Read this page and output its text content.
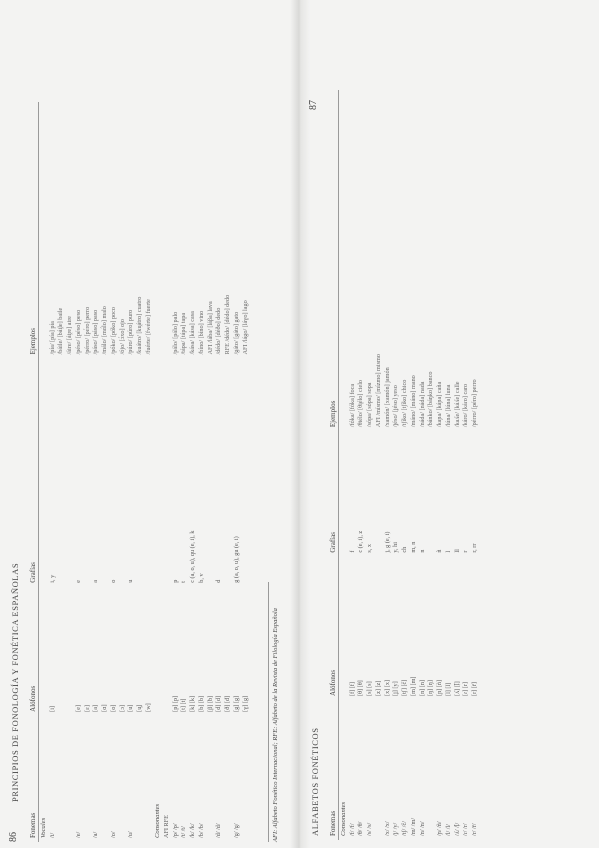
86
PRINCIPIOS DE FONOLOGÍA Y FONÉTICA ESPAÑOLAS
Fonemas	Alófonos	Grafías	Ejemplos
Vocales			
/i/	[i]	i, y	/pía/ [pía] pía
			/báile/ [bái̯le] baile
			/áire/ [ái̯re] aire
/e/	[e]	e	/péso/ [péso] peso
	[ɛ]		/pérro/ [pɛ́ro] perro
/a/	[a]	a	/páso/ [páso] paso
	[ɑ]		/málo/ [mɑ́lo] malo
/o/	[o]	o	/póko/ [póko] poco
	[ɔ]		/ójo/ [ɔ́xo] ojo
/u/	[u]	u	/púro/ [púro] puro
	[u̯]		/kuátro/ [ku̯átro] cuatro
	[w]		/fuérte/ [fwérte] fuerte
Consonantes			
AFI RFE			
/p/ /p/	[p] [p]	p	/pálo/ [pálo] palo
/t/ /t/	[t] [t]	t	/tápa/ [tápa] tapa
/k/ /k/	[k] [k]	c (a, o, u), qu (e, i), k	/kása/ [kása] casa
/b/ /b/	[b] [b]	b, v	/bíno/ [bíno] vino
	[β] [ƀ]		AFI /lába/ [láβa] lava
/d/ /d/	[d] [d]	d	/dédo/ [déðo] dedo
	[ð] [đ]		RFE /dédo/ [dédo] dedo
/g/ /g/	[g] [g]	g (a, o, u), gu (e, i)	/gáto/ [gáto] gato
	[ɣ] [g]		AFI /lágo/ [láɣo] lago
AFI: Alfabeto Fonético Internacional; RFE: Alfabeto de la Revista de Filología Española	ALFABETOS FONÉTICOS
87
Fonemas	Alófonos	Grafías	Ejemplos
Consonantes			
/f/ /f/	[f] [f]	f	/fóka/ [fóka] foca
/θ/ /θ/	[θ] [θ]	c (e, i), z	/θiélo/ [θi̯élo] cielo
/s/ /s/	[s] [s]	s, x	/sópa/ [sópa] sopa
	[z] [z]		AFI /mísmo/ [mízmo] mismo
/x/ /x/	[x] [x]	j, g (e, i)	/xamón/ [xamón] jamón
/ʝ/ /y/	[ʝ] [y]	y, hi	/ʝéso/ [ʝéso] yeso
/tʃ/ /ĉ/	[tʃ] [ĉ]	ch	/tʃíko/ [tʃíko] chico
/m/ /m/	[m] [m]	m, n	/máno/ [máno] mano
/n/ /n/	[n] [n]	n	/náda/ [náda] nada
	[ŋ] [ŋ]		/bánko/ [báŋko] banco
/ɲ/ /ñ/	[ɲ] [ñ]	ñ	/kaɲa/ [káɲa] caña
/l/ /l/	[l] [l]	l	/lúna/ [lúna] luna
/ʎ/ /ḹ/	[ʎ] [ḹ]	ll	/kaʎe/ [káʎe] calle
/ɾ/ /r/	[ɾ] [r]	r	/káro/ [káɾo] caro
/r/ /r̄/	[r] [r̄]	r, rr	/pérro/ [péro] perro
